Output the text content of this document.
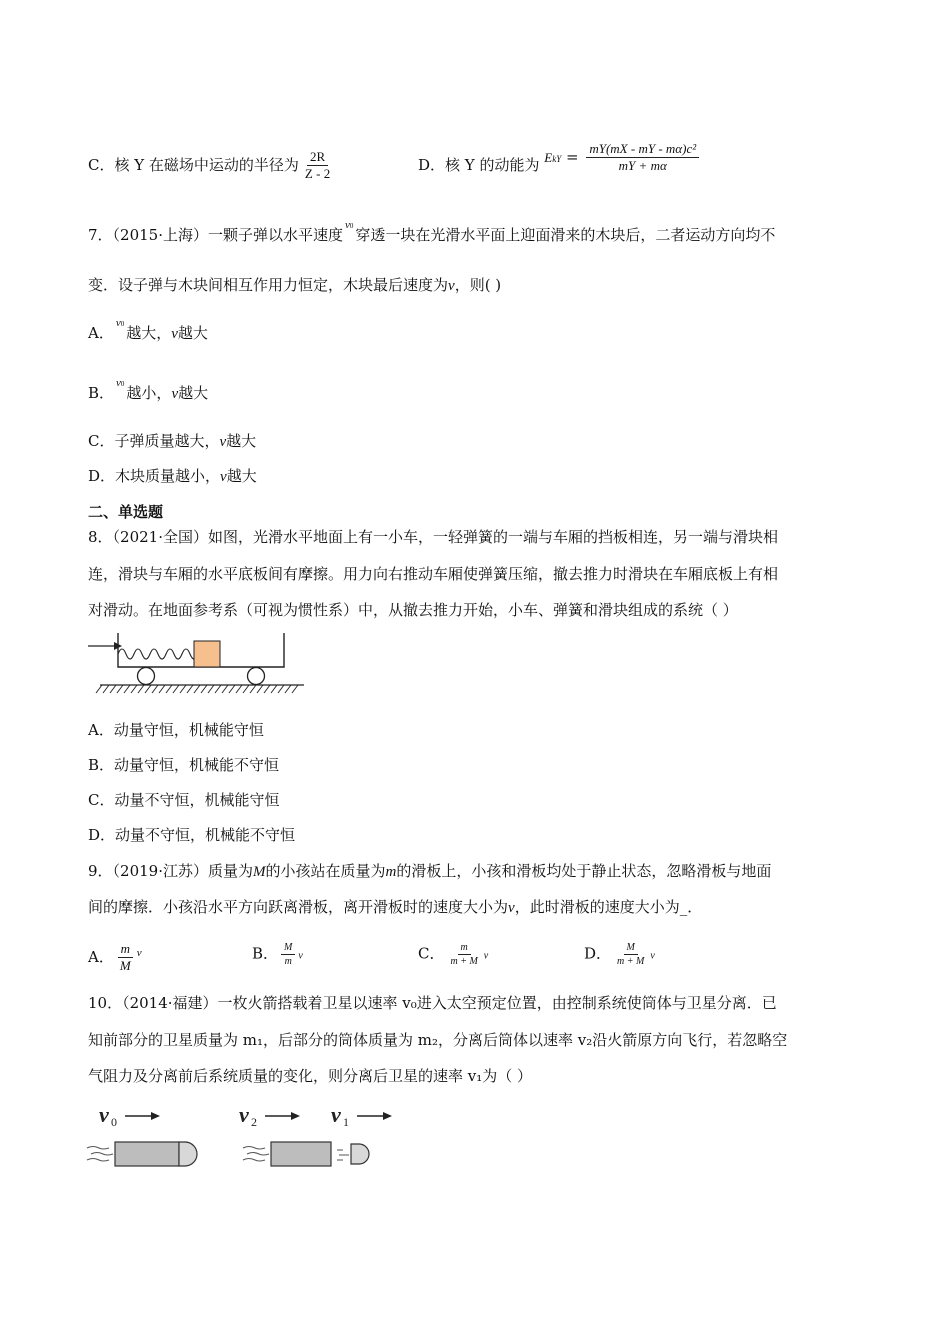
C．核 Y 在磁场中运动的半径为 $\frac{2R}{Z - 2}$	D．核 Y 的动能为 EkY = $\frac{\text{mY(mX - mY - mα)c²}}{mY + m\alpha}$
7．（2015·上海）一颗子弹以水平速度$^{v0}$ 穿透一块在光滑水平面上迎面滑来的木块后，二者运动方向均不
变．设子弹与木块间相互作用力恒定，木块最后速度为v，则( )
A．$^{v0}$ 越大，v越大
B．$^{v0}$ 越小，v越大
C．子弹质量越大，v越大
D．木块质量越小，v越大
二、单选题
8．（2021·全国）如图，光滑水平地面上有一小车，一轻弹簧的一端与车厢的挡板相连，另一端与滑块相
连，滑块与车厢的水平底板间有摩擦。用力向右推动车厢使弹簧压缩，撤去推力时滑块在车厢底板上有相
对滑动。在地面参考系（可视为惯性系）中，从撤去推力开始，小车、弹簧和滑块组成的系统（ ）
A．动量守恒，机械能守恒
B．动量守恒，机械能不守恒
C．动量不守恒，机械能守恒
D．动量不守恒，机械能不守恒
9．（2019·江苏）质量为M的小孩站在质量为m的滑板上，小孩和滑板均处于静止状态，忽略滑板与地面
间的摩擦．小孩沿水平方向跃离滑板，离开滑板时的速度大小为v，此时滑板的速度大小为_．
A． $\frac{m}{M} ^v$	B． $\frac{M}{m}$ v	C． $\frac{m}{m + M}$ v	D． $\frac{M}{m + M}$ v
10．（2014·福建）一枚火箭搭载着卫星以速率 v₀进入太空预定位置，由控制系统使筒体与卫星分离．已
知前部分的卫星质量为 m₁，后部分的筒体质量为 m₂，分离后筒体以速率 v₂沿火箭原方向飞行，若忽略空
气阻力及分离前后系统质量的变化，则分离后卫星的速率 v₁为（ ）
v 0	v 2	v 1
